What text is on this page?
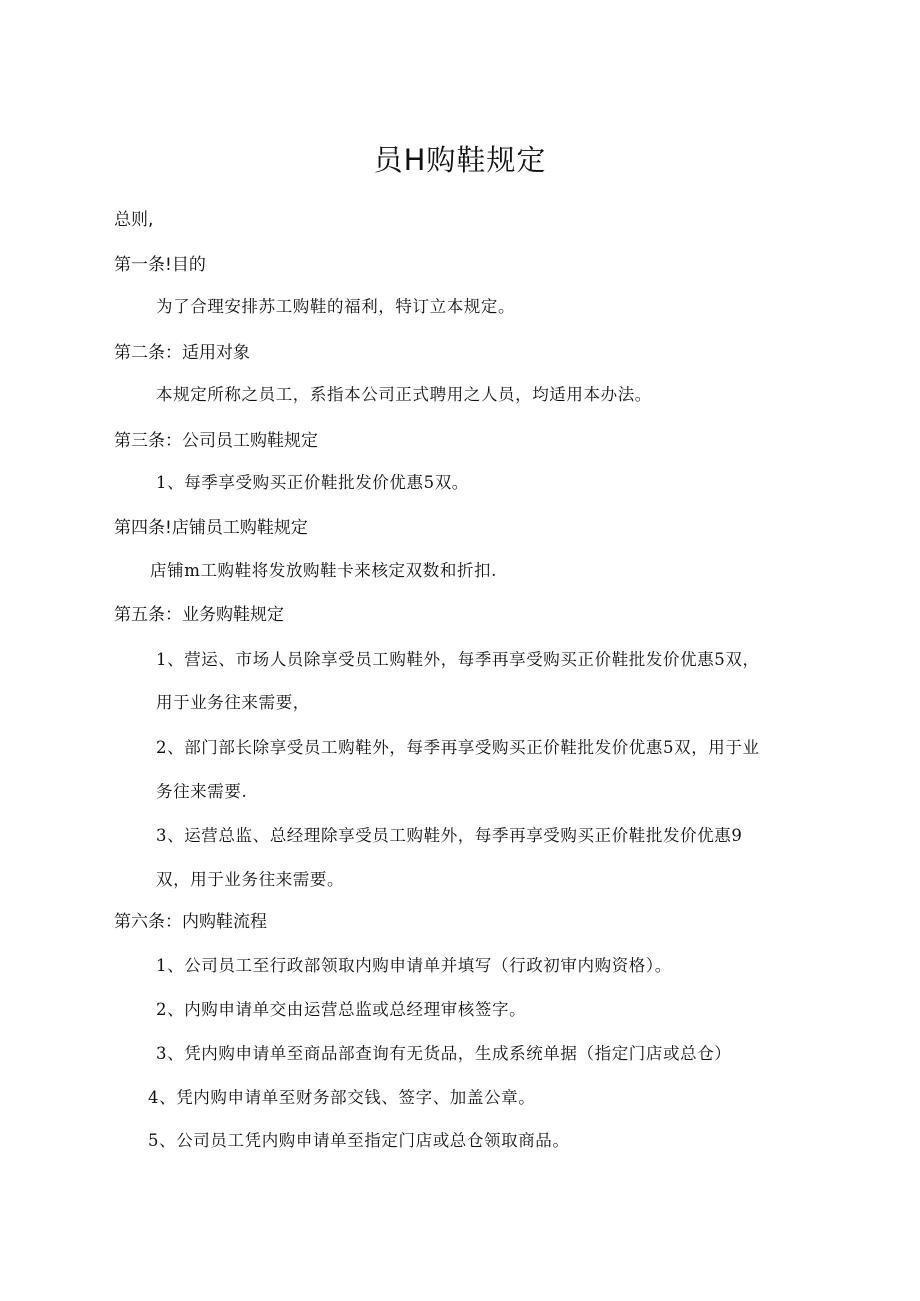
员H购鞋规定
总则,
第一条!目的
为了合理安排苏工购鞋的福利，特订立本规定。
第二条：适用对象
本规定所称之员工，系指本公司正式聘用之人员，均适用本办法。
第三条：公司员工购鞋规定
1、每季享受购买正价鞋批发价优惠5双。
第四条!店铺员工购鞋规定
店铺m工购鞋将发放购鞋卡来核定双数和折扣.
第五条：业务购鞋规定
1、营运、市场人员除享受员工购鞋外，每季再享受购买正价鞋批发价优惠5双，
用于业务往来需要，
2、部门部长除享受员工购鞋外，每季再享受购买正价鞋批发价优惠5双，用于业
务往来需要.
3、运营总监、总经理除享受员工购鞋外，每季再享受购买正价鞋批发价优惠9
双，用于业务往来需要。
第六条：内购鞋流程
1、公司员工至行政部领取内购申请单并填写（行政初审内购资格）。
2、内购申请单交由运营总监或总经理审核签字。
3、凭内购申请单至商品部查询有无货品，生成系统单据（指定门店或总仓）
4、凭内购申请单至财务部交钱、签字、加盖公章。
5、公司员工凭内购申请单至指定门店或总仓领取商品。
